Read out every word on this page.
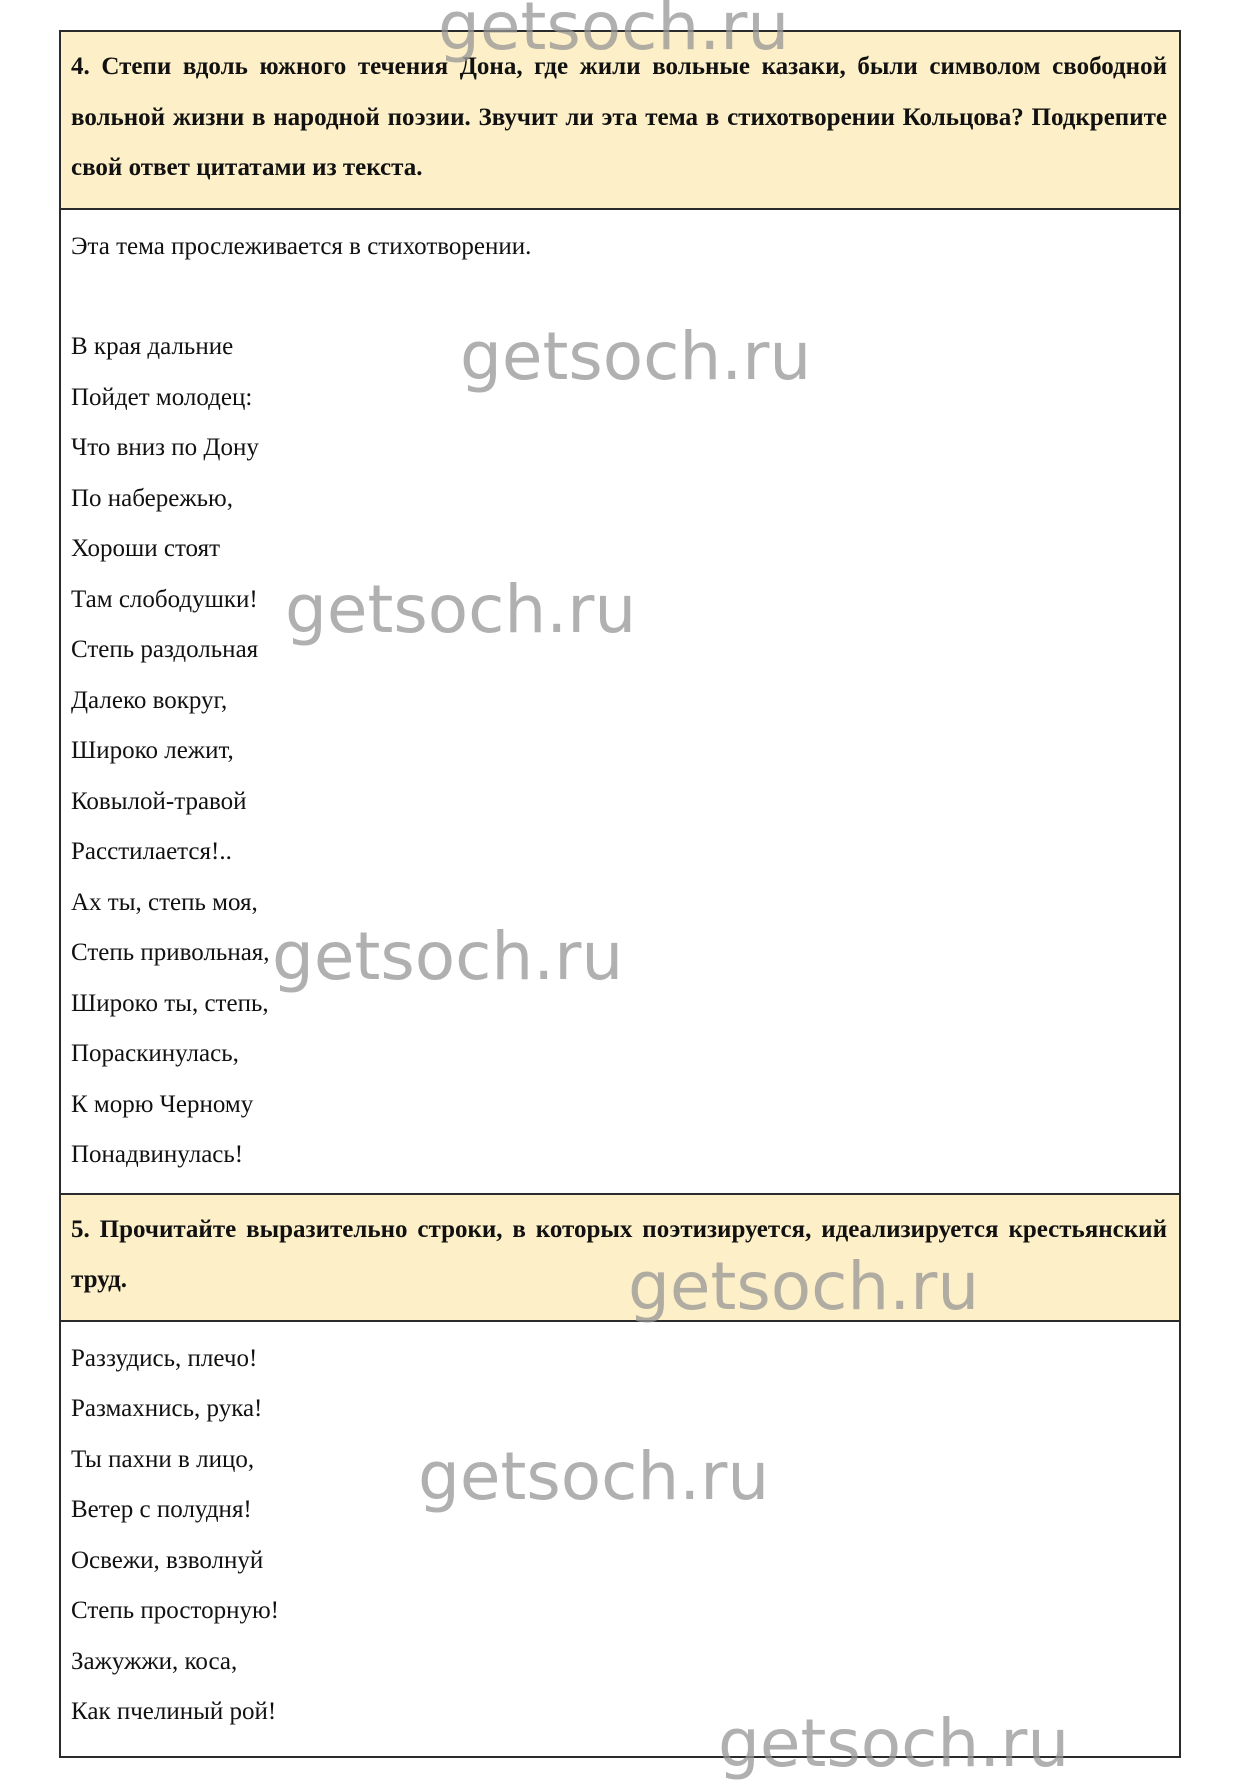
4. Степи вдоль южного течения Дона, где жили вольные казаки, были символом свободной вольной жизни в народной поэзии. Звучит ли эта тема в стихотворении Кольцова? Подкрепите свой ответ цитатами из текста.
Эта тема прослеживается в стихотворении.
В края дальние
Пойдет молодец:
Что вниз по Дону
По набережью,
Хороши стоят
Там слободушки!
Степь раздольная
Далеко вокруг,
Широко лежит,
Ковылой-травой
Расстилается!..
Ах ты, степь моя,
Степь привольная,
Широко ты, степь,
Пораскинулась,
К морю Черному
Понадвинулась!
5. Прочитайте выразительно строки, в которых поэтизируется, идеализируется крестьянский труд.
Раззудись, плечо!
Размахнись, рука!
Ты пахни в лицо,
Ветер с полудня!
Освежи, взволнуй
Степь просторную!
Зажужжи, коса,
Как пчелиный рой!
getsoch.ru
getsoch.ru
getsoch.ru
getsoch.ru
getsoch.ru
getsoch.ru
getsoch.ru
